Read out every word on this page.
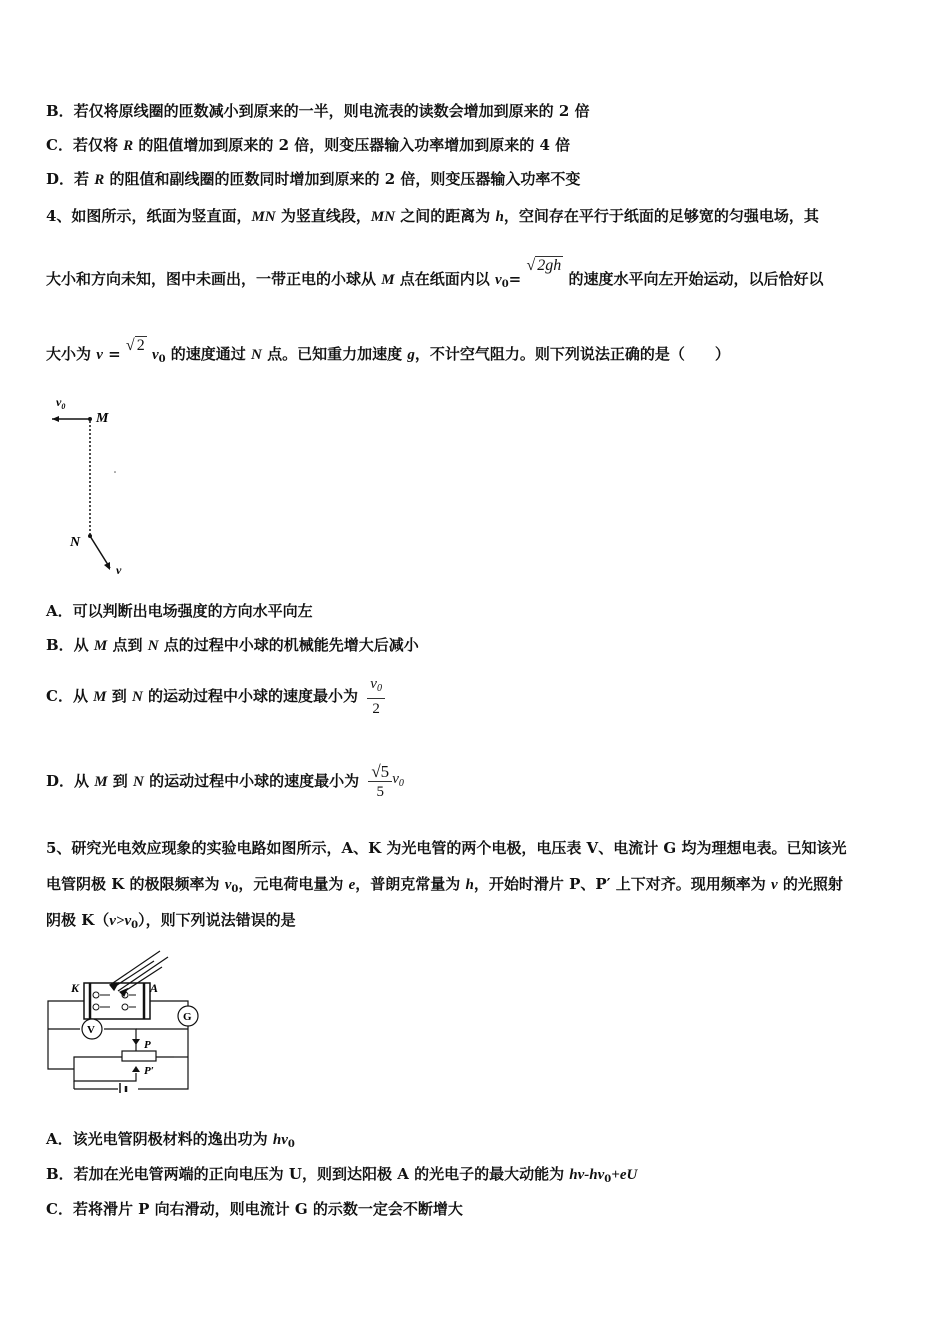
B．若仅将原线圈的匝数减小到原来的一半，则电流表的读数会增加到原来的 2 倍
C．若仅将 R 的阻值增加到原来的 2 倍，则变压器输入功率增加到原来的 4 倍
D．若 R 的阻值和副线圈的匝数同时增加到原来的 2 倍，则变压器输入功率不变
4、如图所示，纸面为竖直面，MN 为竖直线段，MN 之间的距离为 h，空间存在平行于纸面的足够宽的匀强电场，其
大小和方向未知，图中未画出，一带正电的小球从 M 点在纸面内以 $v_0=$ √ 2gh 的速度水平向左开始运动，以后恰好以
大小为 v = √ 2 $v_0$ 的速度通过 N 点。已知重力加速度 g，不计空气阻力。则下列说法正确的是（　　）
$v_0$
M
N
v
A．可以判断出电场强度的方向水平向左
B．从 M 点到 N 点的过程中小球的机械能先增大后减小
C．从 M 到 N 的运动过程中小球的速度最小为 $\frac{v_0}{2}$
D．从 M 到 N 的运动过程中小球的速度最小为 $\frac{√5}{5} v_0$
5、研究光电效应现象的实验电路如图所示，A、K 为光电管的两个电极，电压表 V、电流计 G 均为理想电表。已知该光
电管阴极 K 的极限频率为 $v_0$，元电荷电量为 e，普朗克常量为 h，开始时滑片 P、P′ 上下对齐。现用频率为 v 的光照射
阴极 $K(v>v_0)$，则下列说法错误的是
K	A
V
G
P
P′
A．该光电管阴极材料的逸出功为 $hv_0$
B．若加在光电管两端的正向电压为 U，则到达阳极 A 的光电子的最大动能为 $hv-hv_0+eU$
C．若将滑片 P 向右滑动，则电流计 G 的示数一定会不断增大
